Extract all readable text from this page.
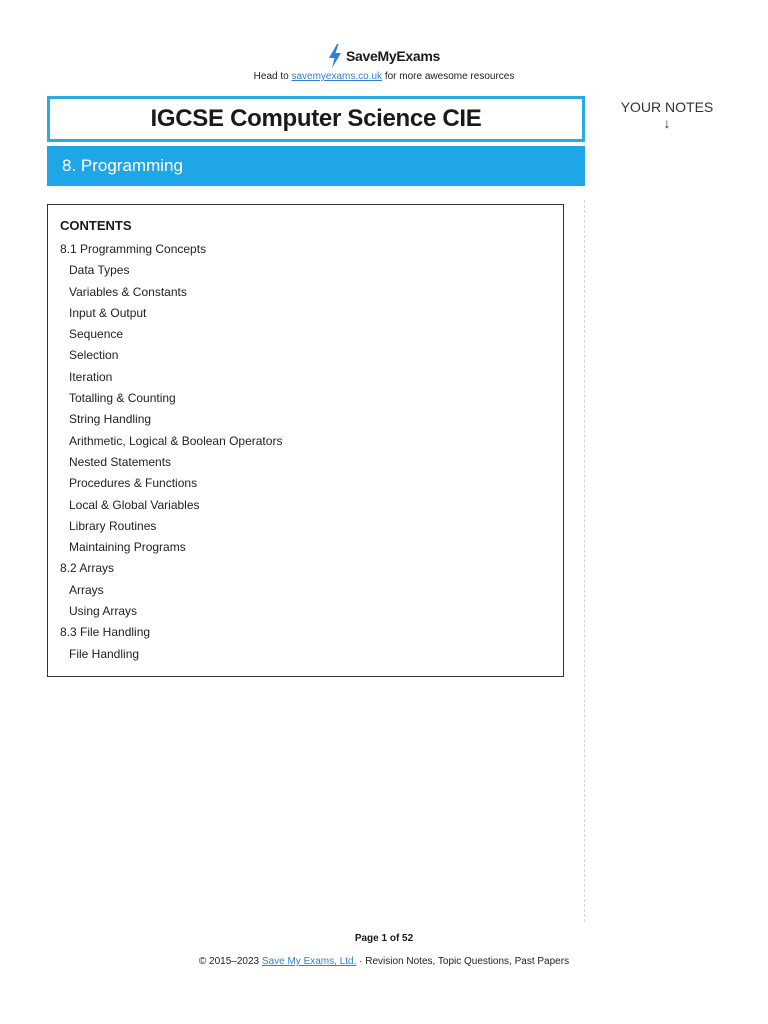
SaveMyExams
Head to savemyexams.co.uk for more awesome resources
IGCSE Computer Science CIE	YOUR NOTES
↓
8. Programming
CONTENTS
8.1 Programming Concepts
Data Types
Variables & Constants
Input & Output
Sequence
Selection
Iteration
Totalling & Counting
String Handling
Arithmetic, Logical & Boolean Operators
Nested Statements
Procedures & Functions
Local & Global Variables
Library Routines
Maintaining Programs
8.2 Arrays
Arrays
Using Arrays
8.3 File Handling
File Handling
Page 1 of 52
© 2015–2023 Save My Exams, Ltd. · Revision Notes, Topic Questions, Past Papers
